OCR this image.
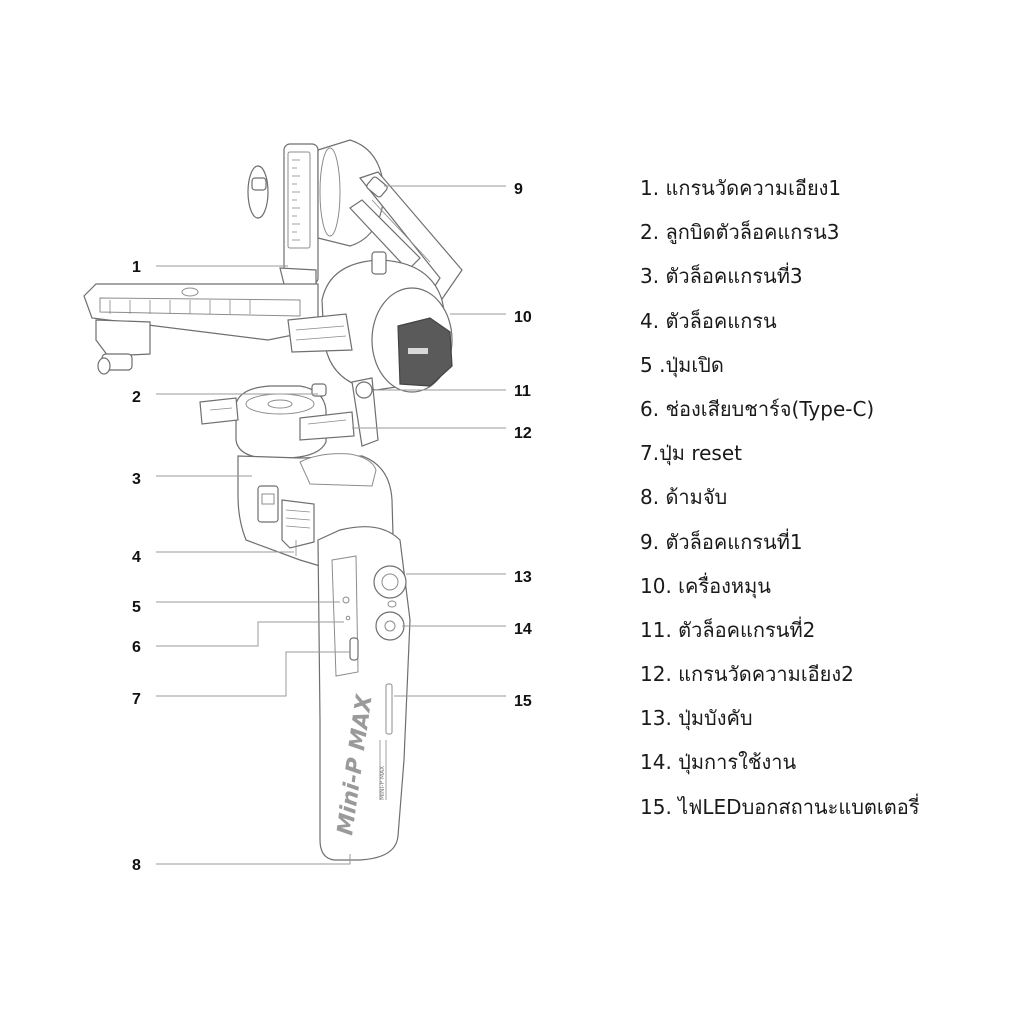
Mini-P MAX MINI-P MAX
1
2
3
4
5
6
7
8
9
10
11
12
13
14
15
1. แกรนวัดความเอียง1
2. ลูกบิดตัวล็อคแกรน3
3. ตัวล็อคแกรนที่3
4. ตัวล็อคแกรน
5 .ปุ่มเปิด
6. ช่องเสียบชาร์จ(Type-C)
7.ปุ่ม reset
8. ด้ามจับ
9. ตัวล็อคแกรนที่1
10. เครื่องหมุน
11. ตัวล็อคแกรนที่2
12. แกรนวัดความเอียง2
13. ปุ่มบังคับ
14. ปุ่มการใช้งาน
15. ไฟLEDบอกสถานะแบตเตอรี่
